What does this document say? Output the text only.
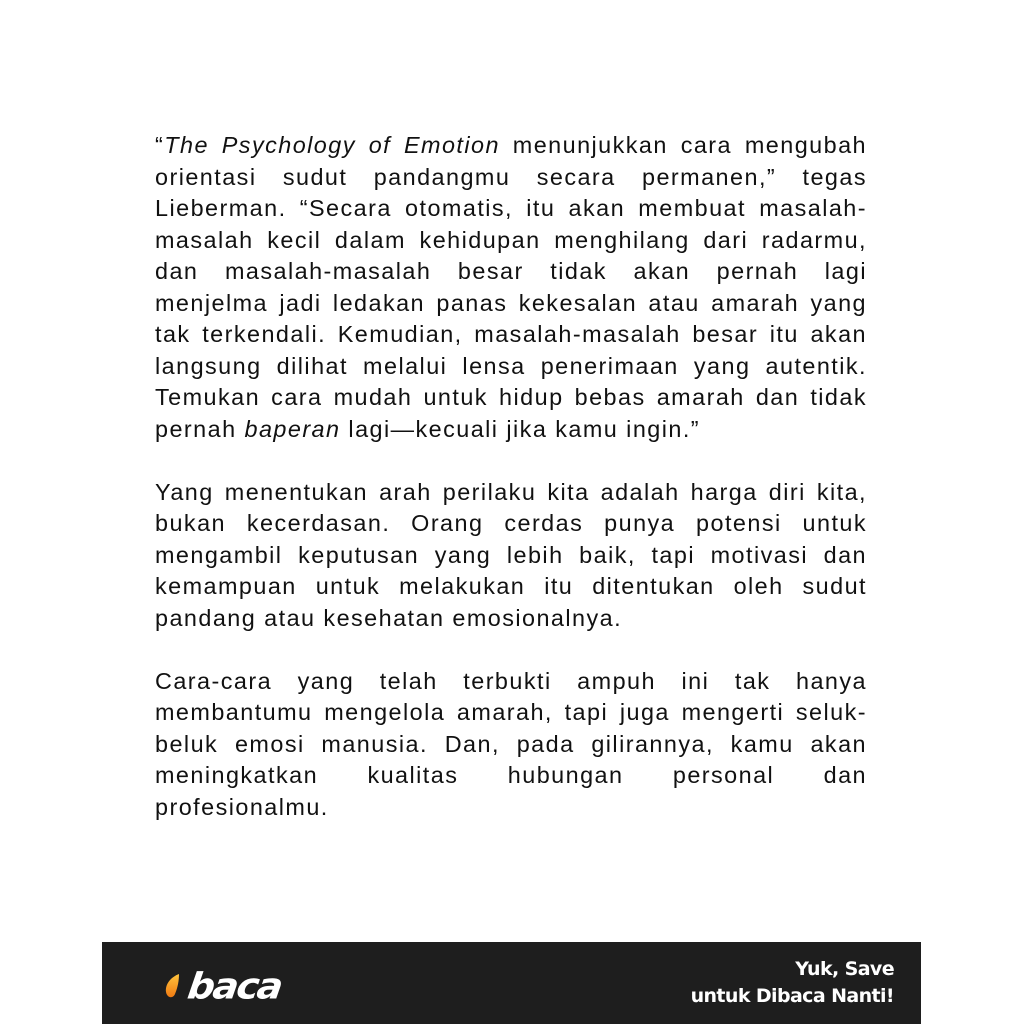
“The Psychology of Emotion menunjukkan cara mengubah orientasi sudut pandangmu secara permanen,” tegas Lieberman. “Secara otomatis, itu akan membuat masalah- masalah kecil dalam kehidupan menghilang dari radarmu, dan masalah-masalah besar tidak akan pernah lagi menjelma jadi ledakan panas kekesalan atau amarah yang tak terkendali. Kemudian, masalah-masalah besar itu akan langsung dilihat melalui lensa penerimaan yang autentik. Temukan cara mudah untuk hidup bebas amarah dan tidak pernah baperan lagi—kecuali jika kamu ingin.”

Yang menentukan arah perilaku kita adalah harga diri kita, bukan kecerdasan. Orang cerdas punya potensi untuk mengambil keputusan yang lebih baik, tapi motivasi dan kemampuan untuk melakukan itu ditentukan oleh sudut pandang atau kesehatan emosionalnya.

Cara-cara yang telah terbukti ampuh ini tak hanya membantumu mengelola amarah, tapi juga mengerti seluk-beluk emosi manusia. Dan, pada gilirannya, kamu akan meningkatkan kualitas hubungan personal dan profesionalmu.

baca	Yuk, Save
untuk Dibaca Nanti!
